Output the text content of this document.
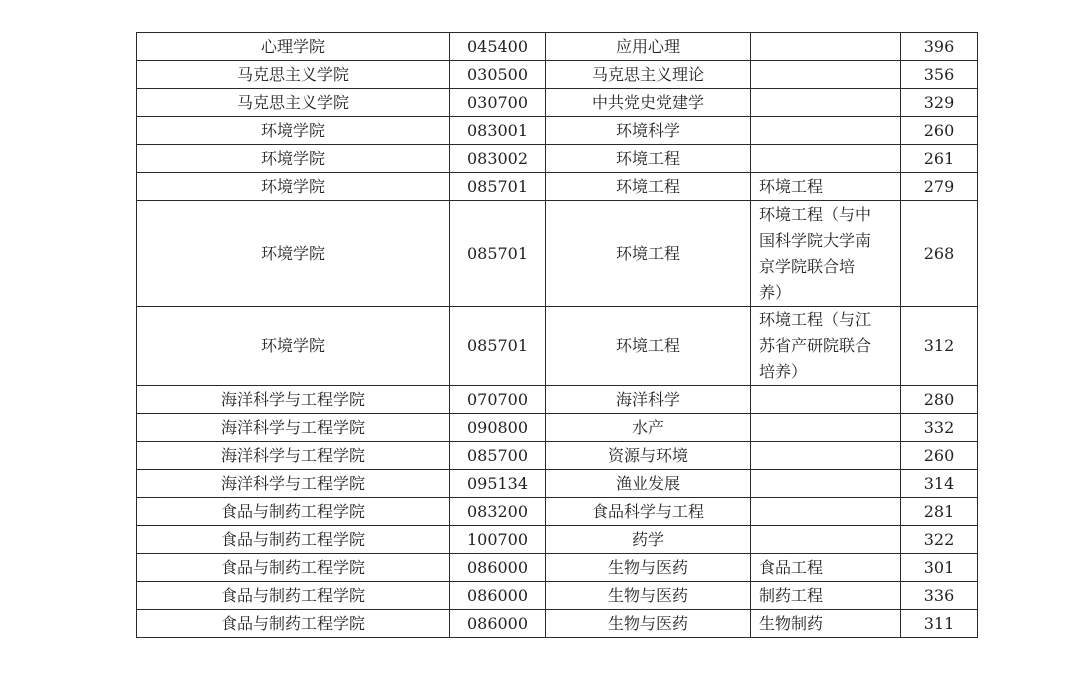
心理学院	045400	应用心理		396
马克思主义学院	030500	马克思主义理论		356
马克思主义学院	030700	中共党史党建学		329
环境学院	083001	环境科学		260
环境学院	083002	环境工程		261
环境学院	085701	环境工程	环境工程	279
环境学院	085701	环境工程	环境工程（与中
国科学院大学南
京学院联合培
养）	268
环境学院	085701	环境工程	环境工程（与江
苏省产研院联合
培养）	312
海洋科学与工程学院	070700	海洋科学		280
海洋科学与工程学院	090800	水产		332
海洋科学与工程学院	085700	资源与环境		260
海洋科学与工程学院	095134	渔业发展		314
食品与制药工程学院	083200	食品科学与工程		281
食品与制药工程学院	100700	药学		322
食品与制药工程学院	086000	生物与医药	食品工程	301
食品与制药工程学院	086000	生物与医药	制药工程	336
食品与制药工程学院	086000	生物与医药	生物制药	311
